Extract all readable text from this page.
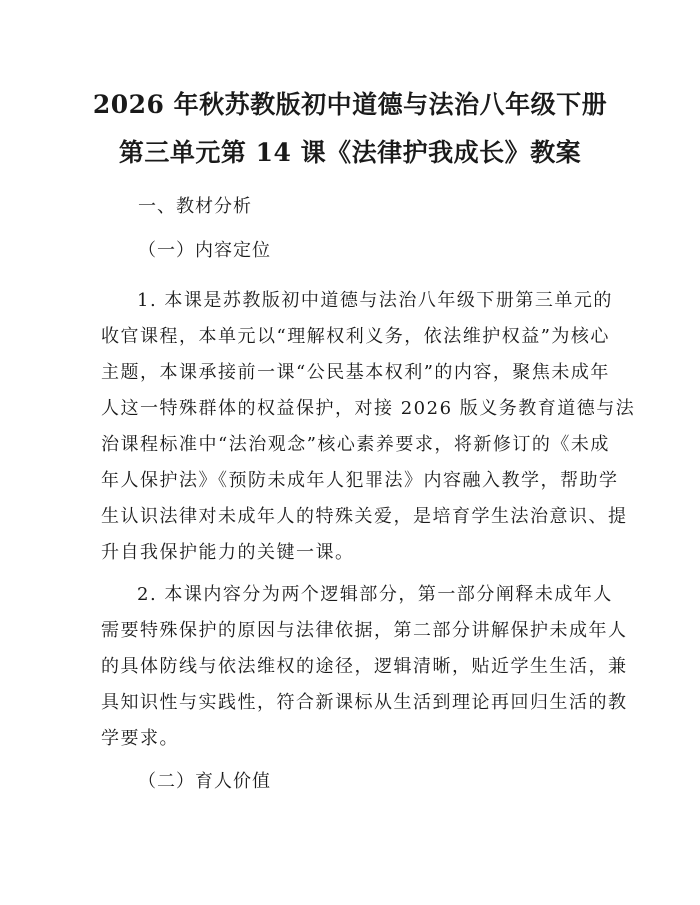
2026 年秋苏教版初中道德与法治八年级下册
第三单元第 14 课《法律护我成长》教案
一、教材分析
（一）内容定位
1. 本课是苏教版初中道德与法治八年级下册第三单元的
收官课程，本单元以“理解权利义务，依法维护权益”为核心
主题，本课承接前一课“公民基本权利”的内容，聚焦未成年
人这一特殊群体的权益保护，对接 2026 版义务教育道德与法
治课程标准中“法治观念”核心素养要求，将新修订的《未成
年人保护法》《预防未成年人犯罪法》内容融入教学，帮助学
生认识法律对未成年人的特殊关爱，是培育学生法治意识、提
升自我保护能力的关键一课。
2. 本课内容分为两个逻辑部分，第一部分阐释未成年人
需要特殊保护的原因与法律依据，第二部分讲解保护未成年人
的具体防线与依法维权的途径，逻辑清晰，贴近学生生活，兼
具知识性与实践性，符合新课标从生活到理论再回归生活的教
学要求。
（二）育人价值
